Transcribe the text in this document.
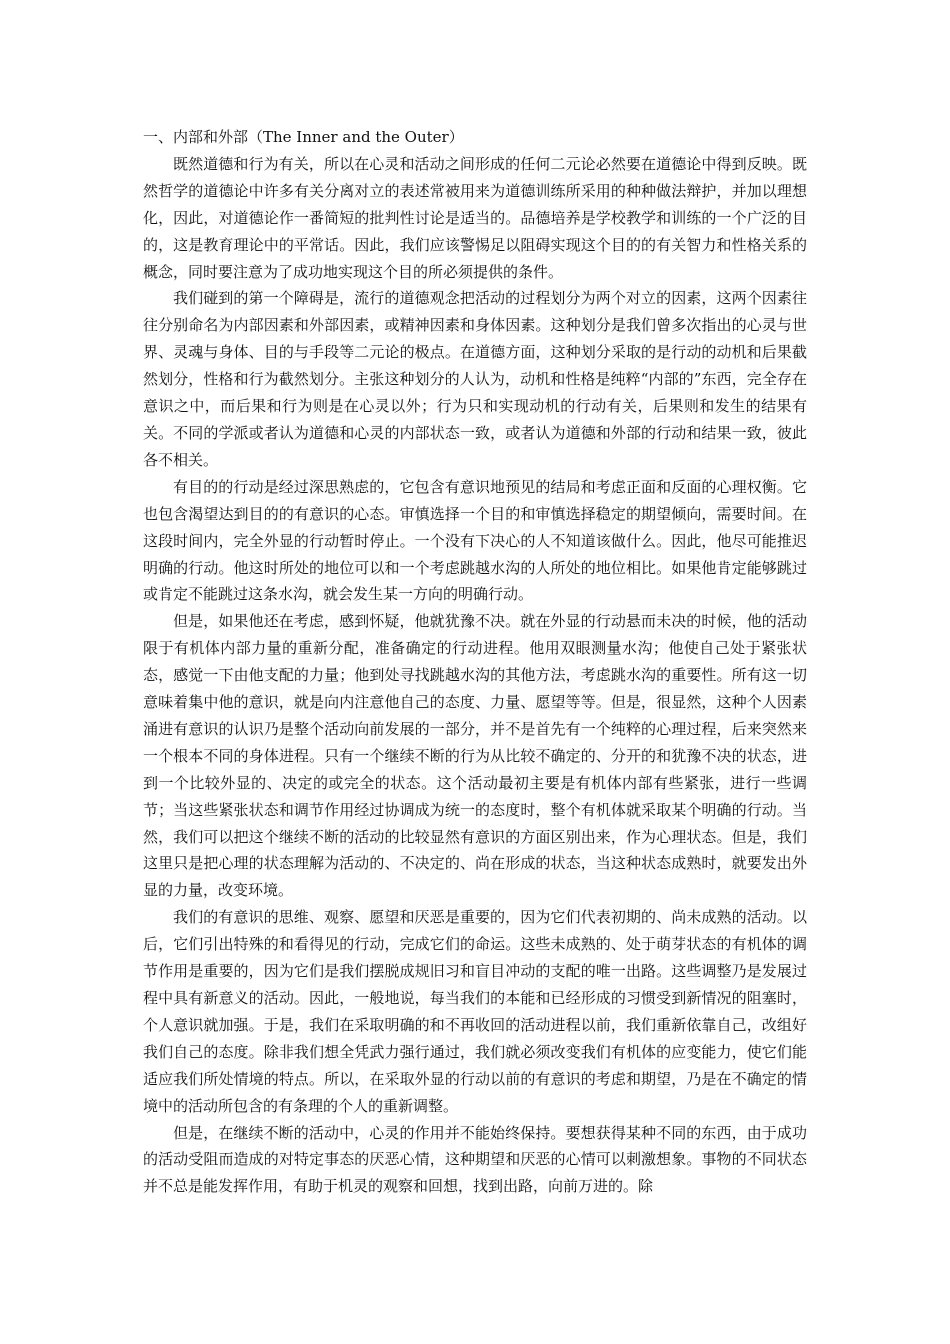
一、内部和外部（The Inner and the Outer）

既然道德和行为有关，所以在心灵和活动之间形成的任何二元论必然要在道德论中得到反映。既然哲学的道德论中许多有关分离对立的表述常被用来为道德训练所采用的种种做法辩护，并加以理想化，因此，对道德论作一番简短的批判性讨论是适当的。品德培养是学校教学和训练的一个广泛的目的，这是教育理论中的平常话。因此，我们应该警惕足以阻碍实现这个目的的有关智力和性格关系的概念，同时要注意为了成功地实现这个目的所必须提供的条件。

我们碰到的第一个障碍是，流行的道德观念把活动的过程划分为两个对立的因素，这两个因素往往分别命名为内部因素和外部因素，或精神因素和身体因素。这种划分是我们曾多次指出的心灵与世界、灵魂与身体、目的与手段等二元论的极点。在道德方面，这种划分采取的是行动的动机和后果截然划分，性格和行为截然划分。主张这种划分的人认为，动机和性格是纯粹“内部的”东西，完全存在意识之中，而后果和行为则是在心灵以外；行为只和实现动机的行动有关，后果则和发生的结果有关。不同的学派或者认为道德和心灵的内部状态一致，或者认为道德和外部的行动和结果一致，彼此各不相关。

有目的的行动是经过深思熟虑的，它包含有意识地预见的结局和考虑正面和反面的心理权衡。它也包含渴望达到目的的有意识的心态。审慎选择一个目的和审慎选择稳定的期望倾向，需要时间。在这段时间内，完全外显的行动暂时停止。一个没有下决心的人不知道该做什么。因此，他尽可能推迟明确的行动。他这时所处的地位可以和一个考虑跳越水沟的人所处的地位相比。如果他肯定能够跳过或肯定不能跳过这条水沟，就会发生某一方向的明确行动。

但是，如果他还在考虑，感到怀疑，他就犹豫不决。就在外显的行动悬而未决的时候，他的活动限于有机体内部力量的重新分配，准备确定的行动进程。他用双眼测量水沟；他使自己处于紧张状态，感觉一下由他支配的力量；他到处寻找跳越水沟的其他方法，考虑跳水沟的重要性。所有这一切意味着集中他的意识，就是向内注意他自己的态度、力量、愿望等等。但是，很显然，这种个人因素涌进有意识的认识乃是整个活动向前发展的一部分，并不是首先有一个纯粹的心理过程，后来突然来一个根本不同的身体进程。只有一个继续不断的行为从比较不确定的、分开的和犹豫不决的状态，进到一个比较外显的、决定的或完全的状态。这个活动最初主要是有机体内部有些紧张，进行一些调节；当这些紧张状态和调节作用经过协调成为统一的态度时，整个有机体就采取某个明确的行动。当然，我们可以把这个继续不断的活动的比较显然有意识的方面区别出来，作为心理状态。但是，我们这里只是把心理的状态理解为活动的、不决定的、尚在形成的状态，当这种状态成熟时，就要发出外显的力量，改变环境。

我们的有意识的思维、观察、愿望和厌恶是重要的，因为它们代表初期的、尚未成熟的活动。以后，它们引出特殊的和看得见的行动，完成它们的命运。这些未成熟的、处于萌芽状态的有机体的调节作用是重要的，因为它们是我们摆脱成规旧习和盲目冲动的支配的唯一出路。这些调整乃是发展过程中具有新意义的活动。因此，一般地说，每当我们的本能和已经形成的习惯受到新情况的阻塞时，个人意识就加强。于是，我们在采取明确的和不再收回的活动进程以前，我们重新依靠自己，改组好我们自己的态度。除非我们想全凭武力强行通过，我们就必须改变我们有机体的应变能力，使它们能适应我们所处情境的特点。所以，在采取外显的行动以前的有意识的考虑和期望，乃是在不确定的情境中的活动所包含的有条理的个人的重新调整。

但是，在继续不断的活动中，心灵的作用并不能始终保持。要想获得某种不同的东西，由于成功的活动受阻而造成的对特定事态的厌恶心情，这种期望和厌恶的心情可以刺激想象。事物的不同状态并不总是能发挥作用，有助于机灵的观察和回想，找到出路，向前万进的。除
